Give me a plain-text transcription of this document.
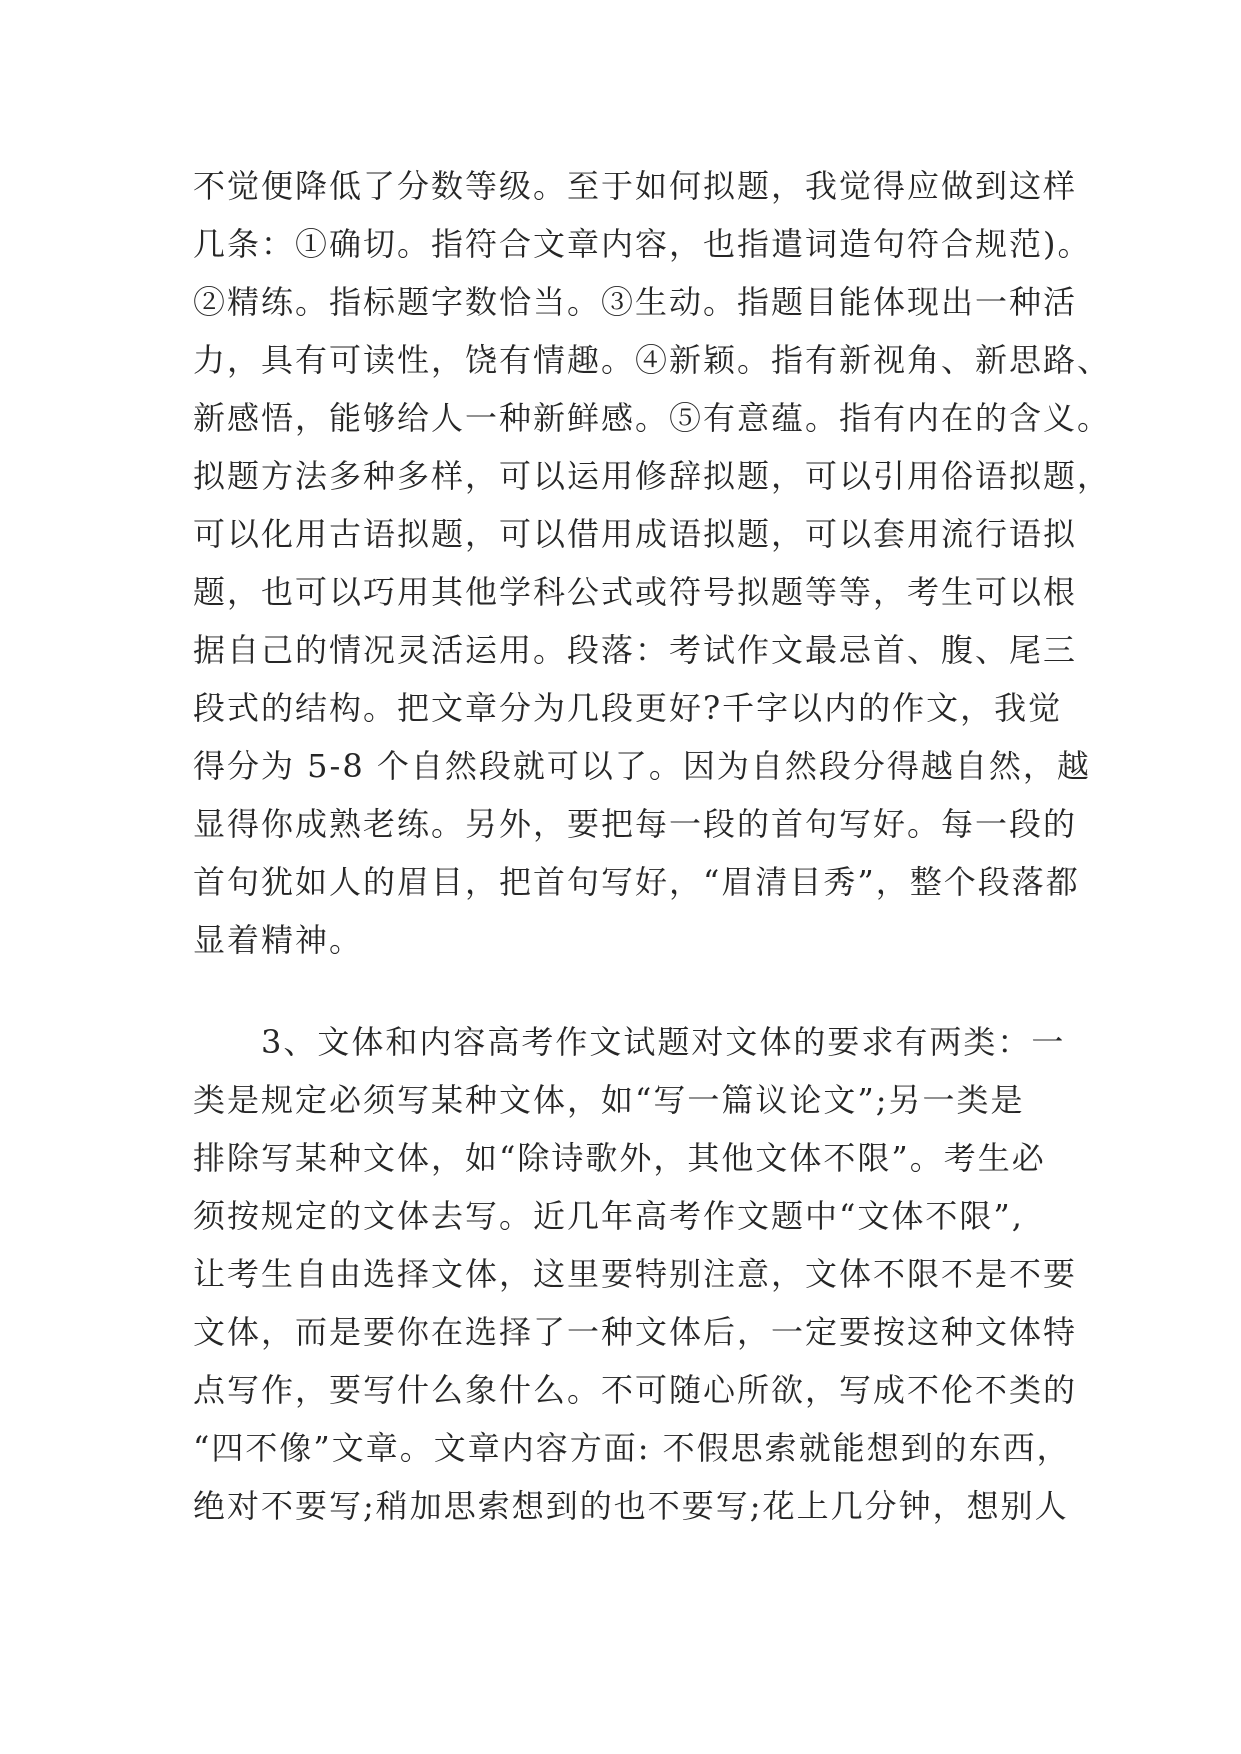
不觉便降低了分数等级。至于如何拟题，我觉得应做到这样
几条：①确切。指符合文章内容，也指遣词造句符合规范)。
②精练。指标题字数恰当。③生动。指题目能体现出一种活
力，具有可读性，饶有情趣。④新颖。指有新视角、新思路、
新感悟，能够给人一种新鲜感。⑤有意蕴。指有内在的含义。
拟题方法多种多样，可以运用修辞拟题，可以引用俗语拟题，
可以化用古语拟题，可以借用成语拟题，可以套用流行语拟
题，也可以巧用其他学科公式或符号拟题等等，考生可以根
据自己的情况灵活运用。段落：考试作文最忌首、腹、尾三
段式的结构。把文章分为几段更好?千字以内的作文，我觉
得分为 5-8 个自然段就可以了。因为自然段分得越自然，越
显得你成熟老练。另外，要把每一段的首句写好。每一段的
首句犹如人的眉目，把首句写好，“眉清目秀”，整个段落都
显着精神。
　　3、文体和内容高考作文试题对文体的要求有两类：一
类是规定必须写某种文体，如“写一篇议论文”;另一类是
排除写某种文体，如“除诗歌外，其他文体不限”。考生必
须按规定的文体去写。近几年高考作文题中“文体不限”,
让考生自由选择文体，这里要特别注意，文体不限不是不要
文体，而是要你在选择了一种文体后，一定要按这种文体特
点写作，要写什么象什么。不可随心所欲，写成不伦不类的
“四不像”文章。文章内容方面: 不假思索就能想到的东西，
绝对不要写;稍加思索想到的也不要写;花上几分钟，想别人
